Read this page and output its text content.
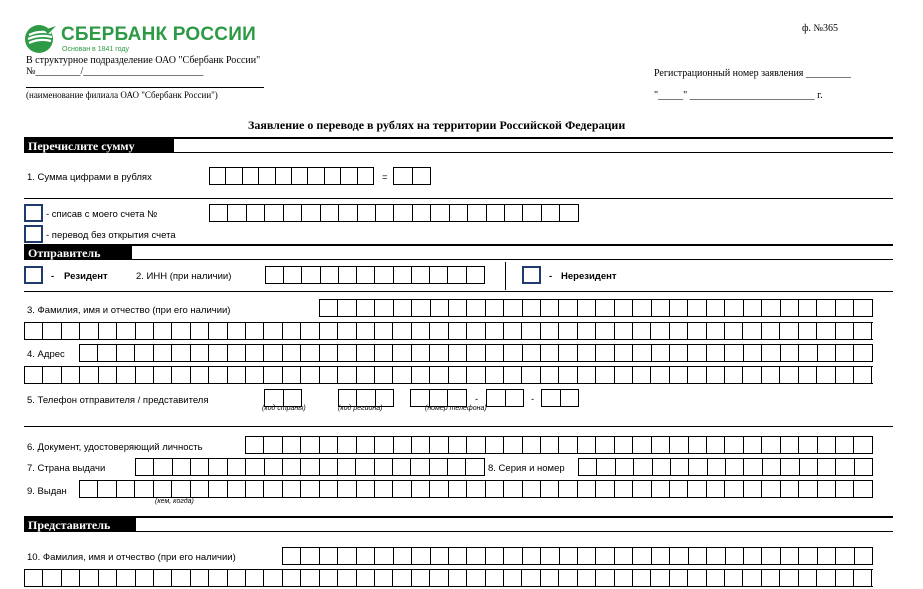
СБЕРБАНК РОССИИ
Основан в 1841 году
ф. №365
В структурное подразделение ОАО "Сбербанк России"
№_________/________________________
(наименование филиала ОАО "Сбербанк России")
Регистрационный номер заявления _________
"_____" _________________________ г.
Заявление о переводе в рублях на территории Российской Федерации
Перечислите сумму
1. Сумма цифрами в рублях	=
- списав с моего счета №
- перевод без открытия счета
Отправитель
- Резидент	2. ИНН (при наличии)	- Нерезидент
3. Фамилия, имя и отчество (при его наличии)
4. Адрес
5. Телефон отправителя / представителя	-	-
(код страны)	(код региона)	(номер телефона)
6. Документ, удостоверяющий личность
7. Страна выдачи	8. Серия и номер
9. Выдан
(кем, когда)
Представитель
10. Фамилия, имя и отчество (при его наличии)
